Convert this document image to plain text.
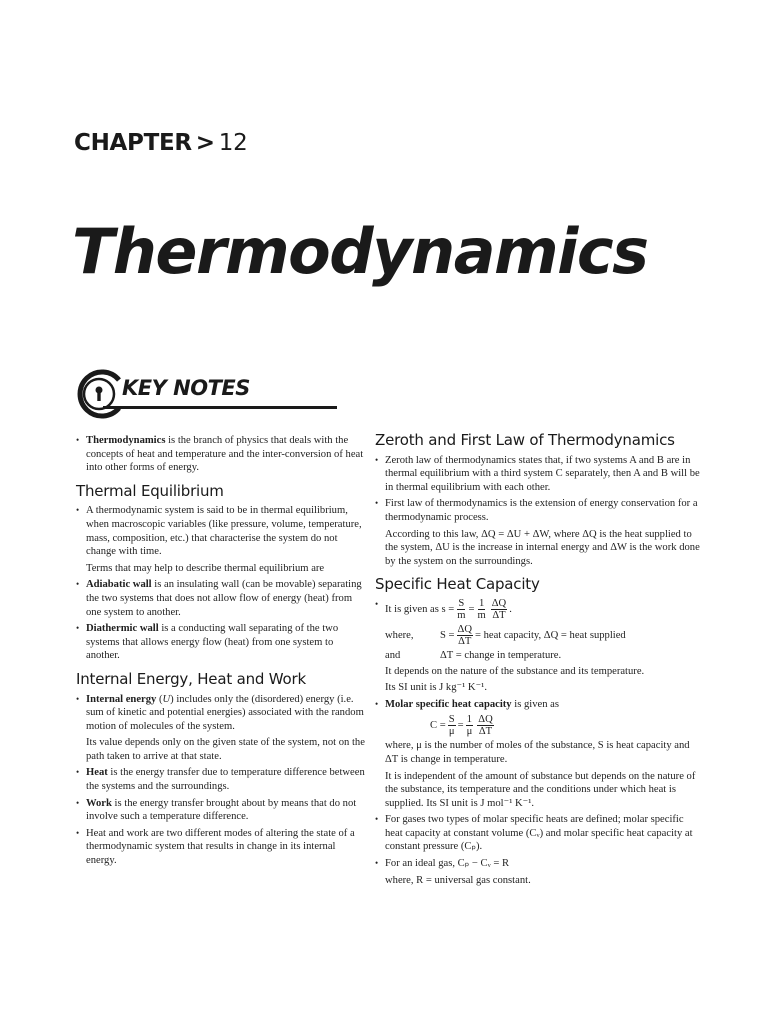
CHAPTER > 12
Thermodynamics
KEY NOTES
• Thermodynamics is the branch of physics that deals with the concepts of heat and temperature and the inter-conversion of heat into other forms of energy.
Thermal Equilibrium
• A thermodynamic system is said to be in thermal equilibrium, when macroscopic variables (like pressure, volume, temperature, mass, composition, etc.) that characterise the system do not change with time.
Terms that may help to describe thermal equilibrium are
• Adiabatic wall is an insulating wall (can be movable) separating the two systems that does not allow flow of energy (heat) from one system to another.
• Diathermic wall is a conducting wall separating of the two systems that allows energy flow (heat) from one system to another.
Internal Energy, Heat and Work
• Internal energy (U) includes only the (disordered) energy (i.e. sum of kinetic and potential energies) associated with the random motion of molecules of the system.
Its value depends only on the given state of the system, not on the path taken to arrive at that state.
• Heat is the energy transfer due to temperature difference between the systems and the surroundings.
• Work is the energy transfer brought about by means that do not involve such a temperature difference.
• Heat and work are two different modes of altering the state of a thermodynamic system that results in change in its internal energy.
Zeroth and First Law of Thermodynamics
• Zeroth law of thermodynamics states that, if two systems A and B are in thermal equilibrium with a third system C separately, then A and B will be in thermal equilibrium with each other.
• First law of thermodynamics is the extension of energy conservation for a thermodynamic process.
According to this law, ΔQ = ΔU + ΔW, where ΔQ is the heat supplied to the system, ΔU is the increase in internal energy and ΔW is the work done by the system on the surroundings.
Specific Heat Capacity
• It is given as $s = \frac{S}{m} = \frac{1}{m} \frac{\Delta Q}{\Delta T}$ .
where,	$S = \frac{\Delta Q}{\Delta T}$ = heat capacity, ΔQ = heat supplied
and	ΔT = change in temperature.
It depends on the nature of the substance and its temperature.
Its SI unit is J kg⁻¹ K⁻¹.
• Molar specific heat capacity is given as
$C = \frac{S}{\mu} = \frac{1}{\mu} \frac{\Delta Q}{\Delta T}$
where, μ is the number of moles of the substance, S is heat capacity and ΔT is change in temperature.
It is independent of the amount of substance but depends on the nature of the substance, its temperature and the conditions under which heat is supplied. Its SI unit is J mol⁻¹ K⁻¹.
• For gases two types of molar specific heats are defined; molar specific heat capacity at constant volume (Cᵥ) and molar specific heat capacity at constant pressure (Cₚ).
• For an ideal gas, Cₚ − Cᵥ = R
where, R = universal gas constant.
